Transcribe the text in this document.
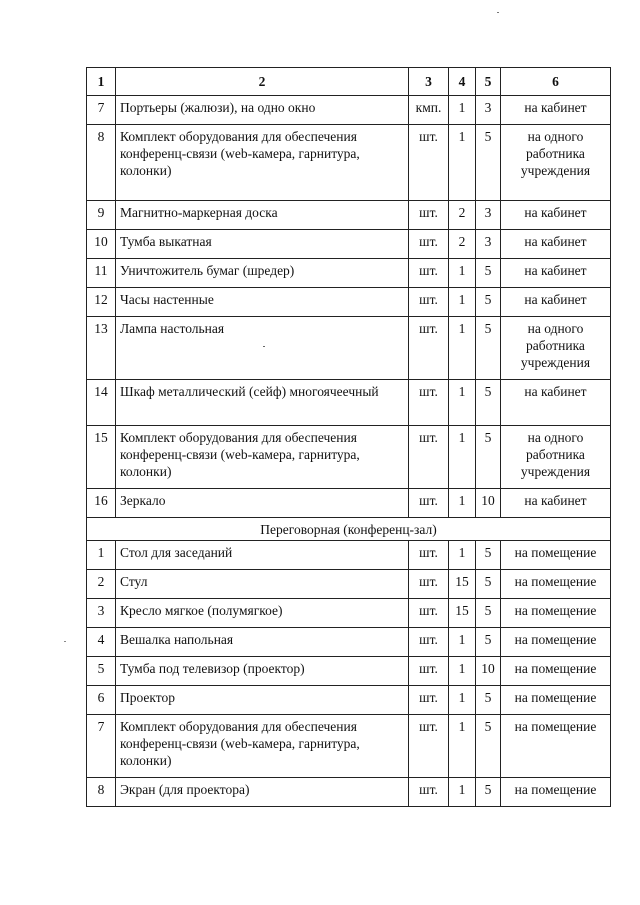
1	2	3	4	5	6
7	Портьеры (жалюзи), на одно окно	кмп.	1	3	на кабинет
8	Комплект оборудования для обеспечения конференц-связи (web-камера, гарнитура, колонки)	шт.	1	5	на одного работника учреждения
9	Магнитно-маркерная доска	шт.	2	3	на кабинет
10	Тумба выкатная	шт.	2	3	на кабинет
11	Уничтожитель бумаг (шредер)	шт.	1	5	на кабинет
12	Часы настенные	шт.	1	5	на кабинет
13	Лампа настольная	шт.	1	5	на одного работника учреждения
14	Шкаф металлический (сейф) многоячеечный	шт.	1	5	на кабинет
15	Комплект оборудования для обеспечения конференц-связи (web-камера, гарнитура, колонки)	шт.	1	5	на одного работника учреждения
16	Зеркало	шт.	1	10	на кабинет
Переговорная (конференц-зал)					
1	Стол для заседаний	шт.	1	5	на помещение
2	Стул	шт.	15	5	на помещение
3	Кресло мягкое (полумягкое)	шт.	15	5	на помещение
4	Вешалка напольная	шт.	1	5	на помещение
5	Тумба под телевизор (проектор)	шт.	1	10	на помещение
6	Проектор	шт.	1	5	на помещение
7	Комплект оборудования для обеспечения конференц-связи (web-камера, гарнитура, колонки)	шт.	1	5	на помещение
8	Экран (для проектора)	шт.	1	5	на помещение
